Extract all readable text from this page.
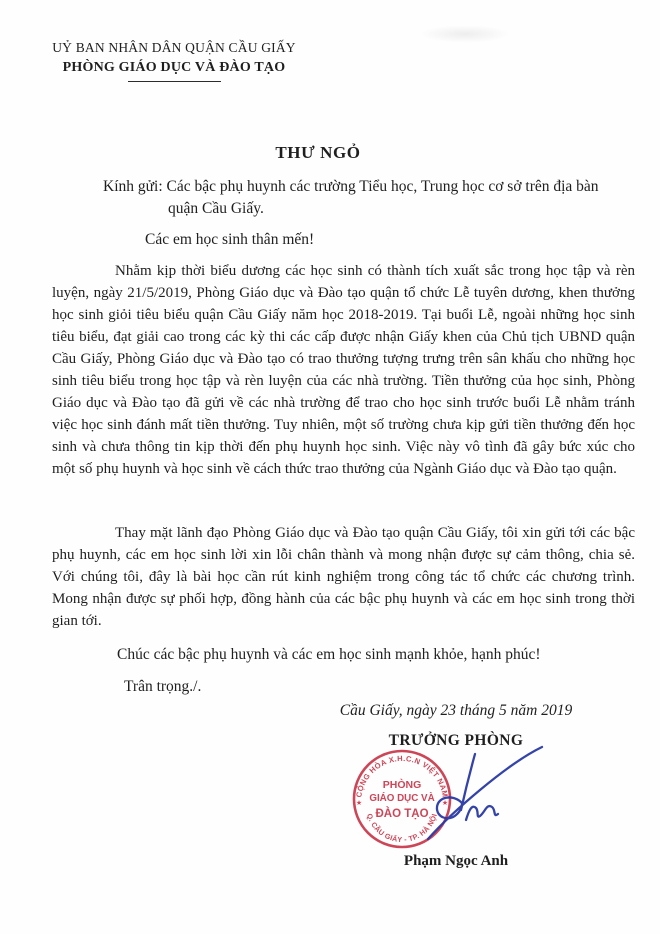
UỶ BAN NHÂN DÂN QUẬN CẦU GIẤY
PHÒNG GIÁO DỤC VÀ ĐÀO TẠO
THƯ NGỎ
Kính gửi: Các bậc phụ huynh các trường Tiểu học, Trung học cơ sở trên địa bàn
quận Cầu Giấy.

Các em học sinh thân mến!

Nhằm kịp thời biểu dương các học sinh có thành tích xuất sắc trong học tập và rèn luyện, ngày 21/5/2019, Phòng Giáo dục và Đào tạo quận tổ chức Lễ tuyên dương, khen thưởng học sinh giỏi tiêu biểu quận Cầu Giấy năm học 2018-2019. Tại buổi Lễ, ngoài những học sinh tiêu biểu, đạt giải cao trong các kỳ thi các cấp được nhận Giấy khen của Chủ tịch UBND quận Cầu Giấy, Phòng Giáo dục và Đào tạo có trao thưởng tượng trưng trên sân khấu cho những học sinh tiêu biểu trong học tập và rèn luyện của các nhà trường. Tiền thưởng của học sinh, Phòng Giáo dục và Đào tạo đã gửi về các nhà trường để trao cho học sinh trước buổi Lễ nhằm tránh việc học sinh đánh mất tiền thưởng. Tuy nhiên, một số trường chưa kịp gửi tiền thưởng đến học sinh và chưa thông tin kịp thời đến phụ huynh học sinh. Việc này vô tình đã gây bức xúc cho một số phụ huynh và học sinh về cách thức trao thưởng của Ngành Giáo dục và Đào tạo quận.

Thay mặt lãnh đạo Phòng Giáo dục và Đào tạo quận Cầu Giấy, tôi xin gửi tới các bậc phụ huynh, các em học sinh lời xin lỗi chân thành và mong nhận được sự cảm thông, chia sẻ. Với chúng tôi, đây là bài học cần rút kinh nghiệm trong công tác tổ chức các chương trình. Mong nhận được sự phối hợp, đồng hành của các bậc phụ huynh và các em học sinh trong thời gian tới.

Chúc các bậc phụ huynh và các em học sinh mạnh khỏe, hạnh phúc!

Trân trọng./.

Cầu Giấy, ngày 23 tháng 5 năm 2019
TRƯỞNG PHÒNG
CỘNG HÒA X.H.C.N VIỆT NAM
Q. CẦU GIẤY - TP. HÀ NỘI
★	★
PHÒNG
GIÁO DỤC VÀ
ĐÀO TẠO
Phạm Ngọc Anh
